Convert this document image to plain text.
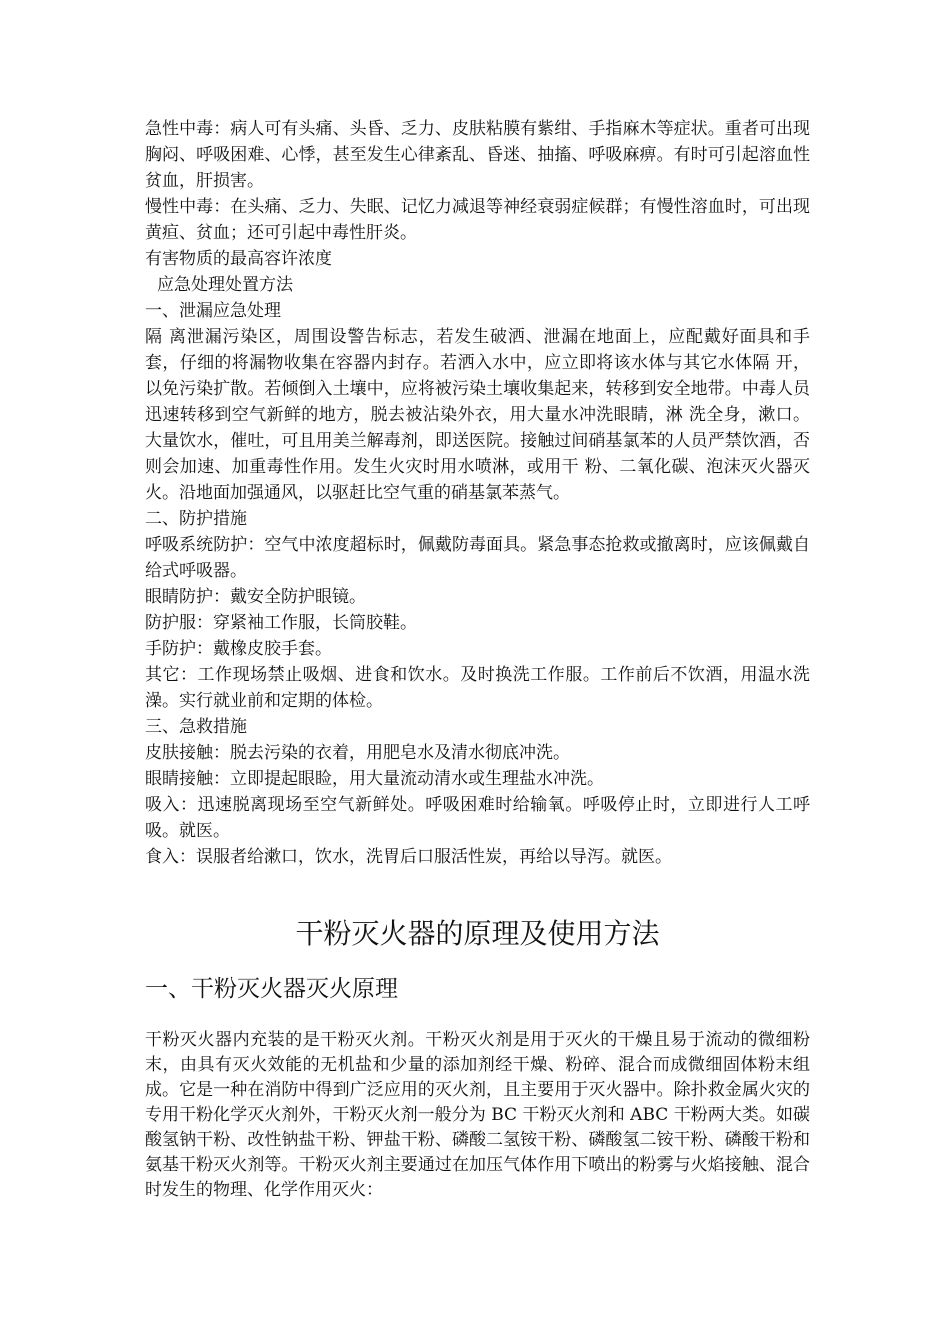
急性中毒：病人可有头痛、头昏、乏力、皮肤粘膜有紫绀、手指麻木等症状。重者可出现胸闷、呼吸困难、心悸，甚至发生心律紊乱、昏迷、抽搐、呼吸麻痹。有时可引起溶血性贫血，肝损害。

慢性中毒：在头痛、乏力、失眠、记忆力减退等神经衰弱症候群；有慢性溶血时，可出现黄疸、贫血；还可引起中毒性肝炎。

有害物质的最高容许浓度

应急处理处置方法

一、泄漏应急处理

隔 离泄漏污染区，周围设警告标志，若发生破洒、泄漏在地面上，应配戴好面具和手套，仔细的将漏物收集在容器内封存。若洒入水中，应立即将该水体与其它水体隔 开，以免污染扩散。若倾倒入土壤中，应将被污染土壤收集起来，转移到安全地带。中毒人员迅速转移到空气新鲜的地方，脱去被沾染外衣，用大量水冲洗眼睛，淋 洗全身，漱口。大量饮水，催吐，可且用美兰解毒剂，即送医院。接触过间硝基氯苯的人员严禁饮酒，否则会加速、加重毒性作用。发生火灾时用水喷淋，或用干 粉、二氧化碳、泡沫灭火器灭火。沿地面加强通风，以驱赶比空气重的硝基氯苯蒸气。

二、防护措施

呼吸系统防护：空气中浓度超标时，佩戴防毒面具。紧急事态抢救或撤离时，应该佩戴自给式呼吸器。

眼睛防护：戴安全防护眼镜。

防护服：穿紧袖工作服，长筒胶鞋。

手防护：戴橡皮胶手套。

其它：工作现场禁止吸烟、进食和饮水。及时换洗工作服。工作前后不饮酒，用温水洗澡。实行就业前和定期的体检。

三、急救措施

皮肤接触：脱去污染的衣着，用肥皂水及清水彻底冲洗。

眼睛接触：立即提起眼睑，用大量流动清水或生理盐水冲洗。

吸入：迅速脱离现场至空气新鲜处。呼吸困难时给输氧。呼吸停止时，立即进行人工呼吸。就医。

食入：误服者给漱口，饮水，洗胃后口服活性炭，再给以导泻。就医。

干粉灭火器的原理及使用方法
一、干粉灭火器灭火原理

干粉灭火器内充装的是干粉灭火剂。干粉灭火剂是用于灭火的干燥且易于流动的微细粉末，由具有灭火效能的无机盐和少量的添加剂经干燥、粉碎、混合而成微细固体粉末组成。它是一种在消防中得到广泛应用的灭火剂，且主要用于灭火器中。除扑救金属火灾的专用干粉化学灭火剂外，干粉灭火剂一般分为 BC 干粉灭火剂和 ABC 干粉两大类。如碳酸氢钠干粉、改性钠盐干粉、钾盐干粉、磷酸二氢铵干粉、磷酸氢二铵干粉、磷酸干粉和氨基干粉灭火剂等。干粉灭火剂主要通过在加压气体作用下喷出的粉雾与火焰接触、混合时发生的物理、化学作用灭火：
